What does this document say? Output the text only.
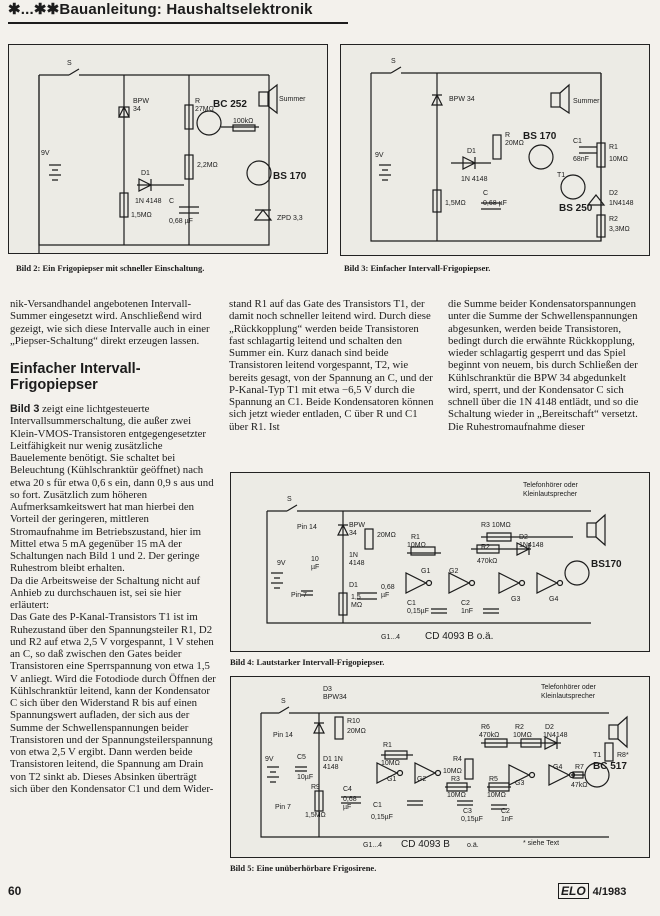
✱...✱✱Bauanleitung: Haushaltselektronik
S
BPW
34
R
27MΩ BC 252	Summer
100kΩ
2,2MΩ
9V
D1
1N 4148
BS 170
1,5MΩ
C
0,68 µF	ZPD 3,3
Bild 2: Ein Frigopiepser mit schneller Einschaltung.
S
BPW 34	Summer
R
20MΩ
BS 170 C1
68nF
R1
10MΩ
9V
D1
1N 4148
T1
D2
1N4148
C
1,5MΩ 0,68 µF	BS 250
R2
3,3MΩ
Bild 3: Einfacher Intervall-Frigopiepser.

nik-Versandhandel angebotenen Intervall-Summer eingesetzt wird. Anschließend wird gezeigt, wie sich diese Intervalle auch in einer „Piepser-Schaltung“ direkt erzeugen lassen.

Einfacher Intervall-Frigopiepser

Bild 3 zeigt eine lichtgesteuerte Intervallsummerschaltung, die außer zwei Klein-VMOS-Transistoren entgegengesetzter Leitfähigkeit nur wenig zusätzliche Bauelemente benötigt. Sie schaltet bei Beleuchtung (Kühlschranktür geöffnet) nach etwa 20 s für etwa 0,6 s ein, dann 0,9 s aus und so fort. Zusätzlich zum höheren Aufmerksamkeitswert hat man hierbei den Vorteil der geringeren, mittleren Stromaufnahme im Betriebszustand, hier im Mittel etwa 5 mA gegenüber 15 mA der Schaltungen nach Bild 1 und 2. Der geringe Ruhestrom bleibt erhalten.

Da die Arbeitsweise der Schaltung nicht auf Anhieb zu durchschauen ist, sei sie hier erläutert:

Das Gate des P-Kanal-Transistors T1 ist im Ruhezustand über den Spannungsteiler R1, D2 und R2 auf etwa 2,5 V vorgespannt, 1 V stehen an C, so daß zwischen den Gates beider Transistoren eine Sperrspannung von etwa 1,5 V anliegt. Wird die Fotodiode durch Öffnen der Kühlschranktür leitend, kann der Kondensator C sich über den Widerstand R bis auf einen Spannungswert aufladen, der sich aus der Summe der Schwellenspannungen beider Transistoren und der Spannungsteilerspannung von etwa 2,5 V ergibt. Dann werden beide Transistoren leitend, die Spannung am Drain von T2 sinkt ab. Dieses Absinken überträgt sich über den Kondensator C1 und dem Wider-

stand R1 auf das Gate des Transistors T1, der damit noch schneller leitend wird. Durch diese „Rückkopplung“ werden beide Transistoren fast schlagartig leitend und schalten den Summer ein. Kurz danach sind beide Transistoren leitend vorgespannt, T2, wie bereits gesagt, von der Spannung an C, und der P-Kanal-Typ T1 mit etwa −6,5 V durch die Spannung an C1. Beide Kondensatoren können sich jetzt wieder entladen, C über R und C1 über R1. Ist

die Summe beider Kondensatorspannungen unter die Summe der Schwellenspannungen abgesunken, werden beide Transistoren, bedingt durch die erwähnte Rückkopplung, wieder schlagartig gesperrt und das Spiel beginnt von neuem, bis durch Schließen der Kühlschranktür die BPW 34 abgedunkelt wird, sperrt, und der Kondensator C sich schnell über die 1N 4148 entlädt, und so die Schaltung wieder in „Bereitschaft“ versetzt. Die Ruhestromaufnahme dieser

Telefonhörer oder
Kleinlautsprecher
S
R3 10MΩ
Pin 14	BPW
34	20MΩ R1
10MΩ	R2
470kΩ
D2
1N4148
9V
10
µF
1N
4148
D1
1,5
MΩ
0,68
µF
C1
0,15µF
C2
1nF
G1	G2
G3	G4
Pin 7
BS170
G1...4 CD 4093 B o.ä.
Bild 4: Lautstarker Intervall-Frigopiepser.
D3
BPW34
Telefonhörer oder
Kleinlautsprecher
S
R10
20MΩ
R6
470kΩ
R2
10MΩ
D2
1N4148
Pin 14
R8*
T1
BC 517
9V	C5
10µF
D1 1N
4148
R1
10MΩ
R4
10MΩ
G1	G2
G3
G4 R7
47kΩ
C4
0,68
µF
R3
10MΩ
R5
10MΩ
R9
1,5MΩ
C1
0,15µF
C3
0,15µF
C2
1nF
Pin 7
G1...4 CD 4093 B o.ä.	* siehe Text
Bild 5: Eine unüberhörbare Frigosirene.
60	ELO 4/1983
